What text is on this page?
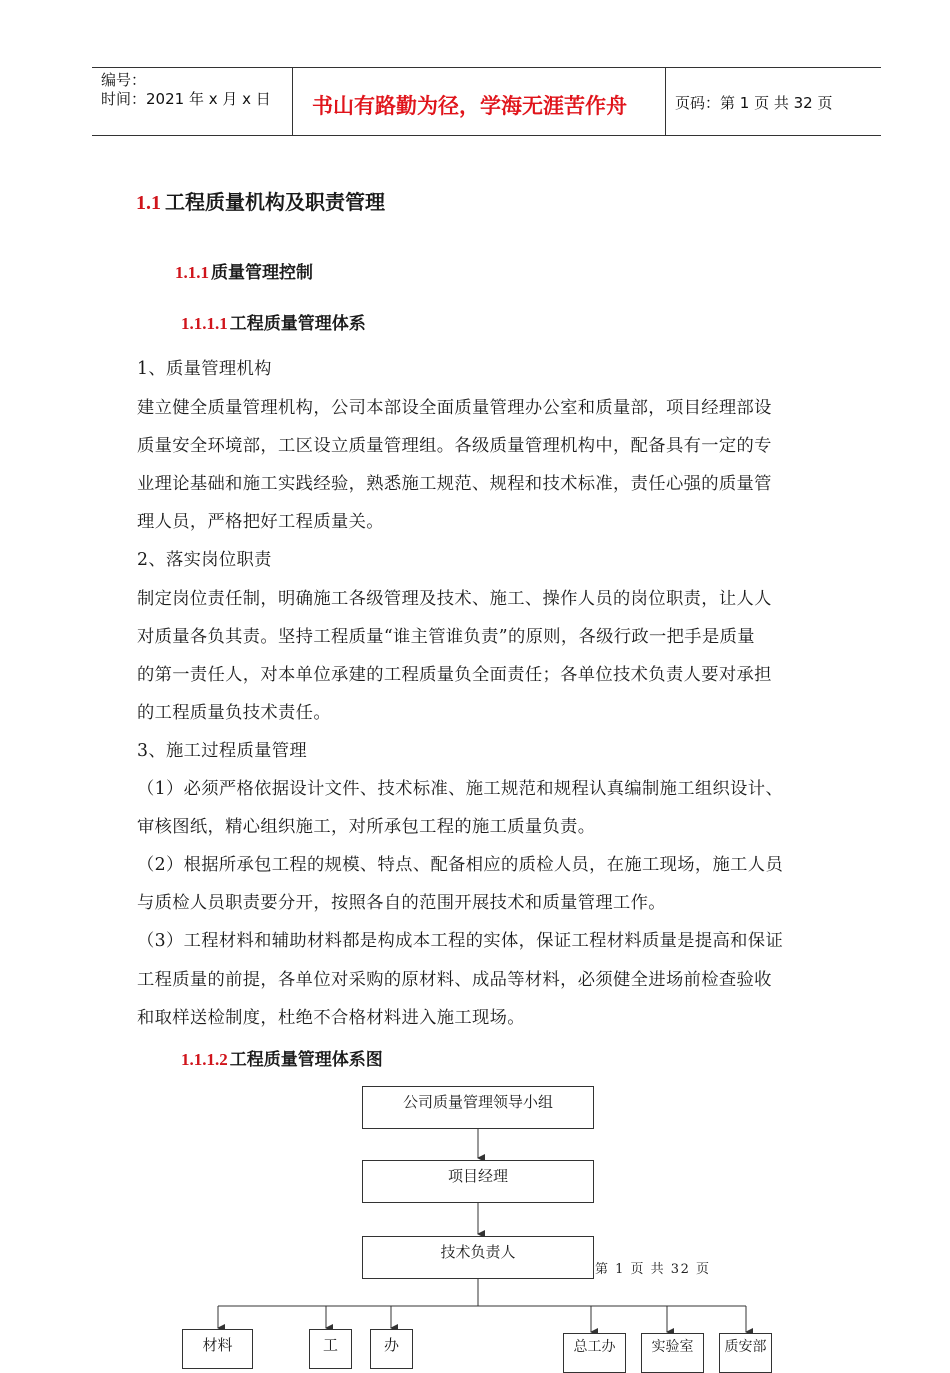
编号：
时间：2021 年 x 月 x 日 书山有路勤为径，学海无涯苦作舟	页码：第 1 页 共 32 页
1.1 工程质量机构及职责管理
1.1.1 质量管理控制
1.1.1.1 工程质量管理体系
1、质量管理机构
建立健全质量管理机构，公司本部设全面质量管理办公室和质量部，项目经理部设
质量安全环境部，工区设立质量管理组。各级质量管理机构中，配备具有一定的专
业理论基础和施工实践经验，熟悉施工规范、规程和技术标准，责任心强的质量管
理人员，严格把好工程质量关。
2、落实岗位职责
制定岗位责任制，明确施工各级管理及技术、施工、操作人员的岗位职责，让人人
对质量各负其责。坚持工程质量“谁主管谁负责”的原则，各级行政一把手是质量
的第一责任人，对本单位承建的工程质量负全面责任；各单位技术负责人要对承担
的工程质量负技术责任。
3、施工过程质量管理
（1）必须严格依据设计文件、技术标准、施工规范和规程认真编制施工组织设计、
审核图纸，精心组织施工，对所承包工程的施工质量负责。
（2）根据所承包工程的规模、特点、配备相应的质检人员，在施工现场，施工人员
与质检人员职责要分开，按照各自的范围开展技术和质量管理工作。
（3）工程材料和辅助材料都是构成本工程的实体，保证工程材料质量是提高和保证
工程质量的前提，各单位对采购的原材料、成品等材料，必须健全进场前检查验收
和取样送检制度，杜绝不合格材料进入施工现场。
1.1.1.2 工程质量管理体系图
公司质量管理领导小组
项目经理
技术负责人
材料	工	办	总工办	实验室	质安部
第 1 页 共 32 页
